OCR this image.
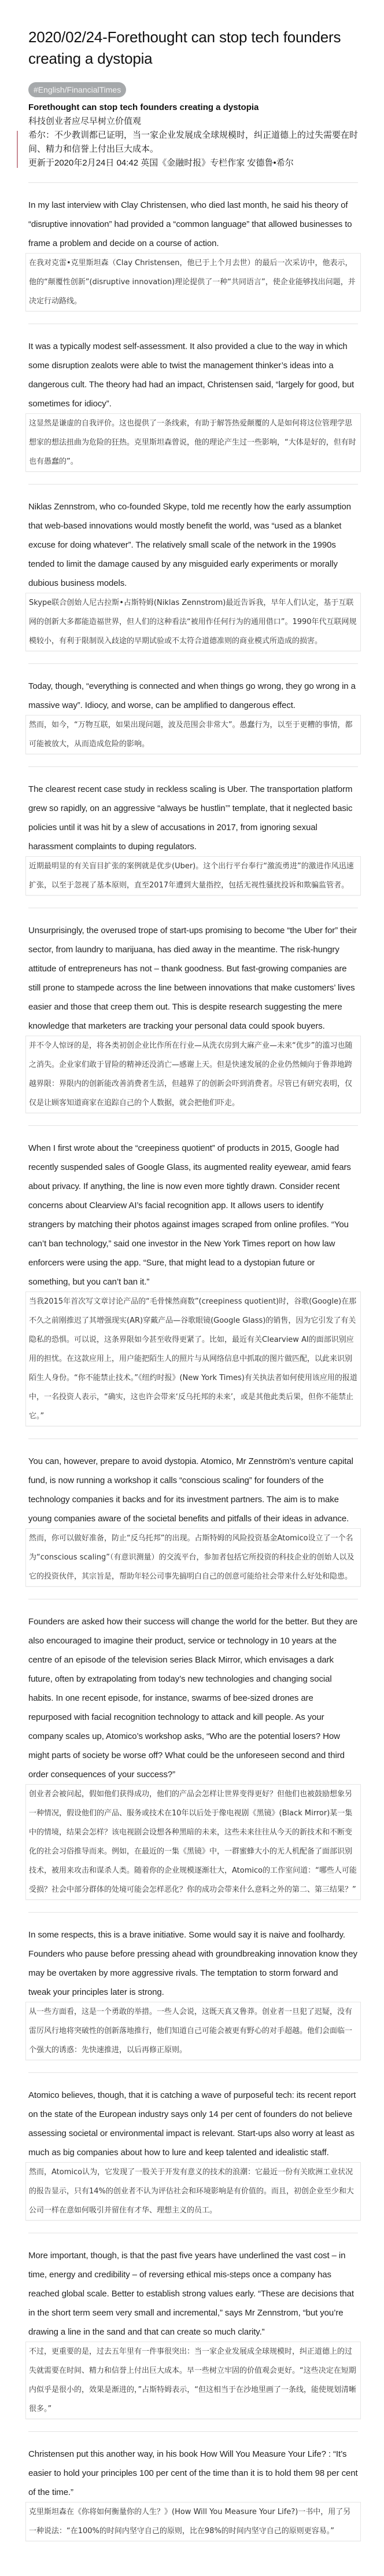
2020/02/24-Forethought can stop tech founders creating a dystopia
#English/FinancialTimes
Forethought can stop tech founders creating a dystopia
科技创业者应尽早树立价值观
希尔：不少教训都已证明，当一家企业发展成全球规模时，纠正道德上的过失需要在时间、精力和信誉上付出巨大成本。
更新于2020年2月24日 04:42 英国《金融时报》专栏作家 安德鲁•希尔

In my last interview with Clay Christensen, who died last month, he said his theory of “disruptive innovation” had provided a “common language” that allowed businesses to frame a problem and decide on a course of action.

在我对克雷•克里斯坦森（Clay Christensen，他已于上个月去世）的最后一次采访中，他表示，他的“颠覆性创新”(disruptive innovation)理论提供了一种“共同语言”，使企业能够找出问题，并决定行动路线。

It was a typically modest self-assessment. It also provided a clue to the way in which some disruption zealots were able to twist the management thinker’s ideas into a dangerous cult. The theory had had an impact, Christensen said, “largely for good, but sometimes for idiocy”.

这显然是谦虚的自我评价。这也提供了一条线索，有助于解答热爱颠覆的人是如何将这位管理学思想家的想法扭曲为危险的狂热。克里斯坦森曾说，他的理论产生过一些影响，“大体是好的，但有时也有愚蠢的”。

Niklas Zennstrom, who co-founded Skype, told me recently how the early assumption that web-based innovations would mostly benefit the world, was “used as a blanket excuse for doing whatever”. The relatively small scale of the network in the 1990s tended to limit the damage caused by any misguided early experiments or morally dubious business models.

Skype联合创始人尼古拉斯•占斯特姆(Niklas Zennstrom)最近告诉我，早年人们认定，基于互联网的创新大多都能造福世界，但人们的这种看法“被用作任何行为的通用借口”。1990年代互联网规模较小，有利于限制误入歧途的早期试验或不太符合道德准则的商业模式所造成的损害。

Today, though, “everything is connected and when things go wrong, they go wrong in a massive way”. Idiocy, and worse, can be amplified to dangerous effect.

然而，如今，“万物互联，如果出现问题，波及范围会非常大”。愚蠢行为，以至于更糟的事情，都可能被放大，从而造成危险的影响。

The clearest recent case study in reckless scaling is Uber. The transportation platform grew so rapidly, on an aggressive “always be hustlin’” template, that it neglected basic policies until it was hit by a slew of accusations in 2017, from ignoring sexual harassment complaints to duping regulators.

近期最明显的有关盲目扩张的案例就是优步(Uber)。这个出行平台奉行“激流勇进”的激进作风迅速扩张，以至于忽视了基本原则，直至2017年遭到大量指控，包括无视性骚扰投诉和欺骗监管者。

Unsurprisingly, the overused trope of start-ups promising to become “the Uber for” their sector, from laundry to marijuana, has died away in the meantime. The risk-hungry attitude of entrepreneurs has not – thank goodness. But fast-growing companies are still prone to stampede across the line between innovations that make customers’ lives easier and those that creep them out. This is despite research suggesting the mere knowledge that marketers are tracking your personal data could spook buyers.

并不令人惊讶的是，将各类初创企业比作所在行业—从洗衣房到大麻产业—未来“优步”的滥习也随之消失。企业家们敢于冒险的精神还没消亡—感谢上天。但是快速发展的企业仍然倾向于鲁莽地跨越界限：界限内的创新能改善消费者生活，但越界了的创新会吓到消费者。尽管已有研究表明，仅仅是让顾客知道商家在追踪自己的个人数据，就会把他们吓走。

When I first wrote about the “creepiness quotient” of products in 2015, Google had recently suspended sales of Google Glass, its augmented reality eyewear, amid fears about privacy. If anything, the line is now even more tightly drawn. Consider recent concerns about Clearview AI’s facial recognition app. It allows users to identify strangers by matching their photos against images scraped from online profiles. “You can’t ban technology,” said one investor in the New York Times report on how law enforcers were using the app. “Sure, that might lead to a dystopian future or something, but you can’t ban it.”

当我2015年首次写文章讨论产品的“毛骨悚然商数”(creepiness quotient)时，谷歌(Google)在那不久之前刚推迟了其增强现实(AR)穿戴产品—谷歌眼镜(Google Glass)的销售，因为它引发了有关隐私的恐惧。可以说，这条界限如今甚至收得更紧了。比如，最近有关Clearview AI的面部识别应用的担忧。在这款应用上，用户能把陌生人的照片与从网络信息中抓取的图片做匹配，以此来识别陌生人身份。“你不能禁止技术。”《纽约时报》(New York Times)有关执法者如何使用该应用的报道中，一名投资人表示，“确实，这也许会带来‘反乌托邦的未来’，或是其他此类后果，但你不能禁止它。”

You can, however, prepare to avoid dystopia. Atomico, Mr Zennström’s venture capital fund, is now running a workshop it calls “conscious scaling” for founders of the technology companies it backs and for its investment partners. The aim is to make young companies aware of the societal benefits and pitfalls of their ideas in advance.

然而，你可以做好准备，防止“反乌托邦”的出现。占斯特姆的风险投资基金Atomico设立了一个名为“conscious scaling”（有意识测量）的交流平台，参加者包括它所投资的科技企业的创始人以及它的投资伙伴，其宗旨是，帮助年轻公司事先搞明白自己的创意可能给社会带来什么好处和隐患。

Founders are asked how their success will change the world for the better. But they are also encouraged to imagine their product, service or technology in 10 years at the centre of an episode of the television series Black Mirror, which envisages a dark future, often by extrapolating from today’s new technologies and changing social habits. In one recent episode, for instance, swarms of bee-sized drones are repurposed with facial recognition technology to attack and kill people. As your company scales up, Atomico’s workshop asks, “Who are the potential losers? How might parts of society be worse off? What could be the unforeseen second and third order consequences of your success?”

创业者会被问起，假如他们获得成功，他们的产品会怎样让世界变得更好？但他们也被鼓励想象另一种情况，假设他们的产品、服务或技术在10年以后处于像电视剧《黑镜》(Black Mirror)某一集中的情境，结果会怎样？该电视剧会设想各种黑暗的未来，这些未来往往从今天的新技术和不断变化的社会习俗推导而来。例如，在最近的一集《黑镜》中，一群蜜蜂大小的无人机配备了面部识别技术，被用来攻击和谋杀人类。随着你的企业规模逐渐壮大，Atomico的工作室问道：“哪些人可能受损？社会中部分群体的处境可能会怎样恶化？你的成功会带来什么意料之外的第二、第三结果？”

In some respects, this is a brave initiative. Some would say it is naive and foolhardy. Founders who pause before pressing ahead with groundbreaking innovation know they may be overtaken by more aggressive rivals. The temptation to storm forward and tweak your principles later is strong.

从一些方面看，这是一个勇敢的举措。一些人会说，这既天真又鲁莽。创业者一旦犯了迟疑，没有雷厉风行地将突破性的创新落地推行，他们知道自己可能会被更有野心的对手超越。他们会面临一个强大的诱惑：先快速推进，以后再修正原则。

Atomico believes, though, that it is catching a wave of purposeful tech: its recent report on the state of the European industry says only 14 per cent of founders do not believe assessing societal or environmental impact is relevant. Start-ups also worry at least as much as big companies about how to lure and keep talented and idealistic staff.

然而，Atomico认为，它发现了一股关于开发有意义的技术的浪潮：它最近一份有关欧洲工业状况的报告显示，只有14%的创业者不认为评估社会和环境影响是有价值的。而且，初创企业至少和大公司一样在意如何吸引并留住有才华、理想主义的员工。

More important, though, is that the past five years have underlined the vast cost – in time, energy and credibility – of reversing ethical mis-steps once a company has reached global scale. Better to establish strong values early. “These are decisions that in the short term seem very small and incremental,” says Mr Zennstrom, “but you’re drawing a line in the sand and that can create so much clarity.”

不过，更重要的是，过去五年里有一件事很突出：当一家企业发展成全球规模时，纠正道德上的过失就需要在时间、精力和信誉上付出巨大成本。早一些树立牢固的价值观会更好。“这些决定在短期内似乎是很小的，效果是渐进的，”占斯特姆表示，“但这相当于在沙地里画了一条线，能使规划清晰很多。”

Christensen put this another way, in his book How Will You Measure Your Life? : “It’s easier to hold your principles 100 per cent of the time than it is to hold them 98 per cent of the time.”

克里斯坦森在《你将如何衡量你的人生？》(How Will You Measure Your Life?)一书中，用了另一种说法：“在100%的时间内坚守自己的原则，比在98%的时间内坚守自己的原则更容易。”
